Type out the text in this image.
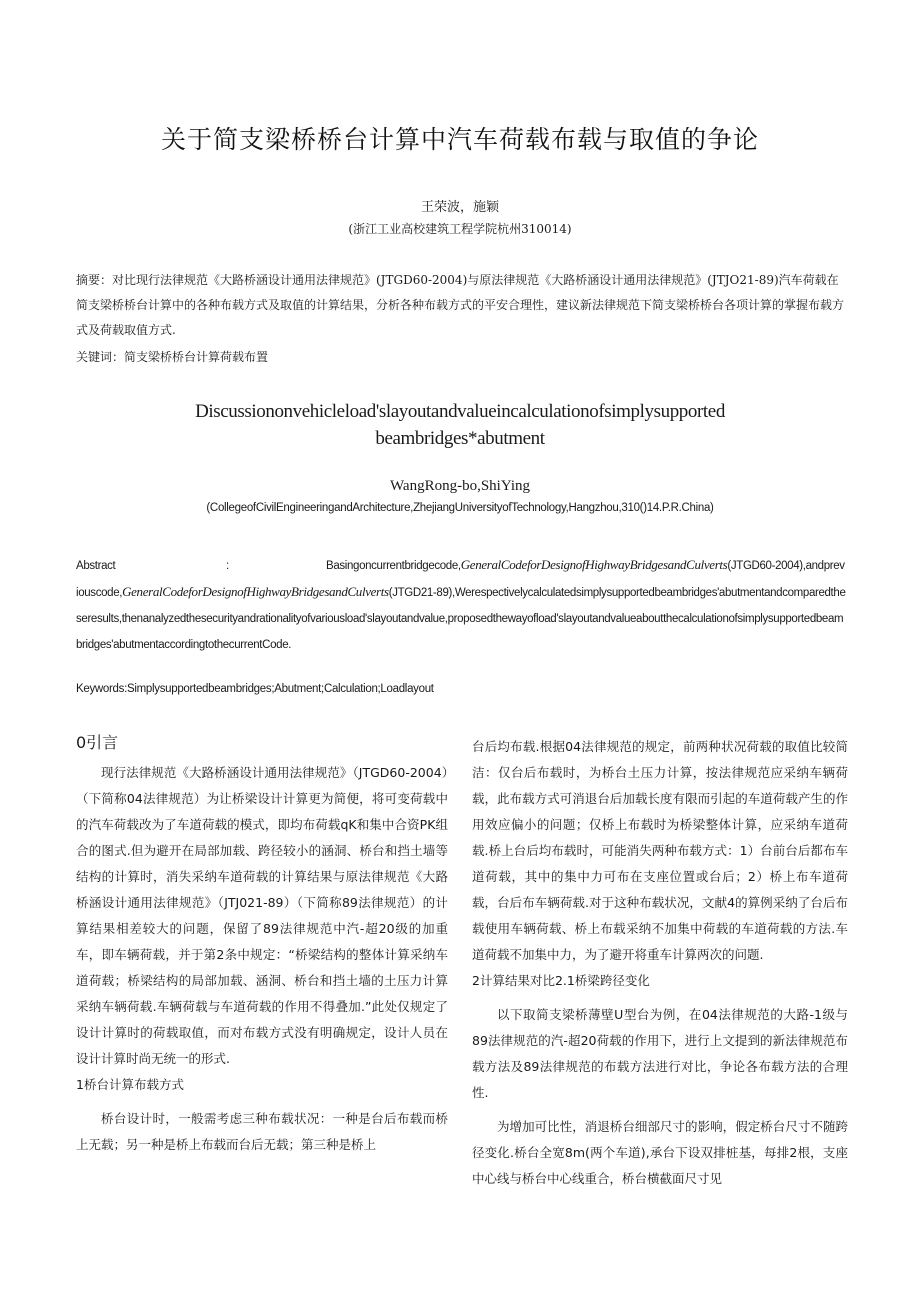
关于简支梁桥桥台计算中汽车荷载布载与取值的争论
王荣波，施颖
(浙江工业高校建筑工程学院杭州310014)
摘要：对比现行法律规范《大路桥涵设计通用法律规范》(JTGD60-2004)与原法律规范《大路桥涵设计通用法律规范》(JTJO21-89)汽车荷载在简支梁桥桥台计算中的各种布载方式及取值的计算结果，分析各种布载方式的平安合理性，建议新法律规范下简支梁桥桥台各项计算的掌握布载方式及荷载取值方式.
关键词：简支梁桥桥台计算荷载布置
Discussiononvehicleload'slayoutandvalueincalculationofsimplysupported
beambridges*abutment
WangRong-bo,ShiYing
(CollegeofCivilEngineeringandArchitecture,ZhejiangUniversityofTechnology,Hangzhou,310()14.P.R.China)
Abstract	:	Basingoncurrentbridgecode,GeneralCodeforDesignofHighwayBridgesandCulverts(JTGD60-2004),andpreviouscode,GeneralCodeforDesignofHighwayBridgesandCulverts(JTGD21-89),Werespectivelycalculatedsimplysupportedbeambridges'abutmentandcomparedtheseresults,thenanalyzedthesecurityandrationalityofvariousload'slayoutandvalue,proposedthewayofload'slayoutandvalueaboutthecalculationofsimplysupportedbeambridges'abutmentaccordingtothecurrentCode.
Keywords:Simplysupportedbeambridges;Abutment;Calculation;Loadlayout
0引言

现行法律规范《大路桥涵设计通用法律规范》（JTGD60-2004）（下简称04法律规范）为让桥梁设计计算更为简便，将可变荷载中的汽车荷载改为了车道荷载的模式，即均布荷载qK和集中合资PK组合的图式.但为避开在局部加载、跨径较小的涵洞、桥台和挡土墙等结构的计算时，消失采纳车道荷载的计算结果与原法律规范《大路桥涵设计通用法律规范》（JTJ021-89）（下简称89法律规范）的计算结果相差较大的问题，保留了89法律规范中汽-超20级的加重车，即车辆荷载，并于第2条中规定：“桥梁结构的整体计算采纳车道荷载；桥梁结构的局部加载、涵洞、桥台和挡土墙的土压力计算采纳车辆荷载.车辆荷载与车道荷载的作用不得叠加.”此处仅规定了设计计算时的荷载取值，而对布载方式没有明确规定，设计人员在设计计算时尚无统一的形式.

1桥台计算布载方式

桥台设计时，一般需考虑三种布载状况：一种是台后布载而桥上无载；另一种是桥上布载而台后无载；第三种是桥上

台后均布载.根据04法律规范的规定，前两种状况荷载的取值比较简洁：仅台后布载时，为桥台土压力计算，按法律规范应采纳车辆荷载，此布载方式可消退台后加载长度有限而引起的车道荷载产生的作用效应偏小的问题；仅桥上布载时为桥梁整体计算，应采纳车道荷载.桥上台后均布载时，可能消失两种布载方式：1）台前台后都布车道荷载，其中的集中力可布在支座位置或台后；2）桥上布车道荷载，台后布车辆荷载.对于这种布载状况，文献4的算例采纳了台后布载使用车辆荷载、桥上布载采纳不加集中荷载的车道荷载的方法.车道荷载不加集中力，为了避开将重车计算两次的问题.

2计算结果对比2.1桥梁跨径变化

以下取简支梁桥薄壁U型台为例，在04法律规范的大路-1级与89法律规范的汽-超20荷载的作用下，进行上文提到的新法律规范布载方法及89法律规范的布载方法进行对比，争论各布载方法的合理性.

为增加可比性，消退桥台细部尺寸的影响，假定桥台尺寸不随跨径变化.桥台全宽8m(两个车道),承台下设双排桩基，每排2根，支座中心线与桥台中心线重合，桥台横截面尺寸见
